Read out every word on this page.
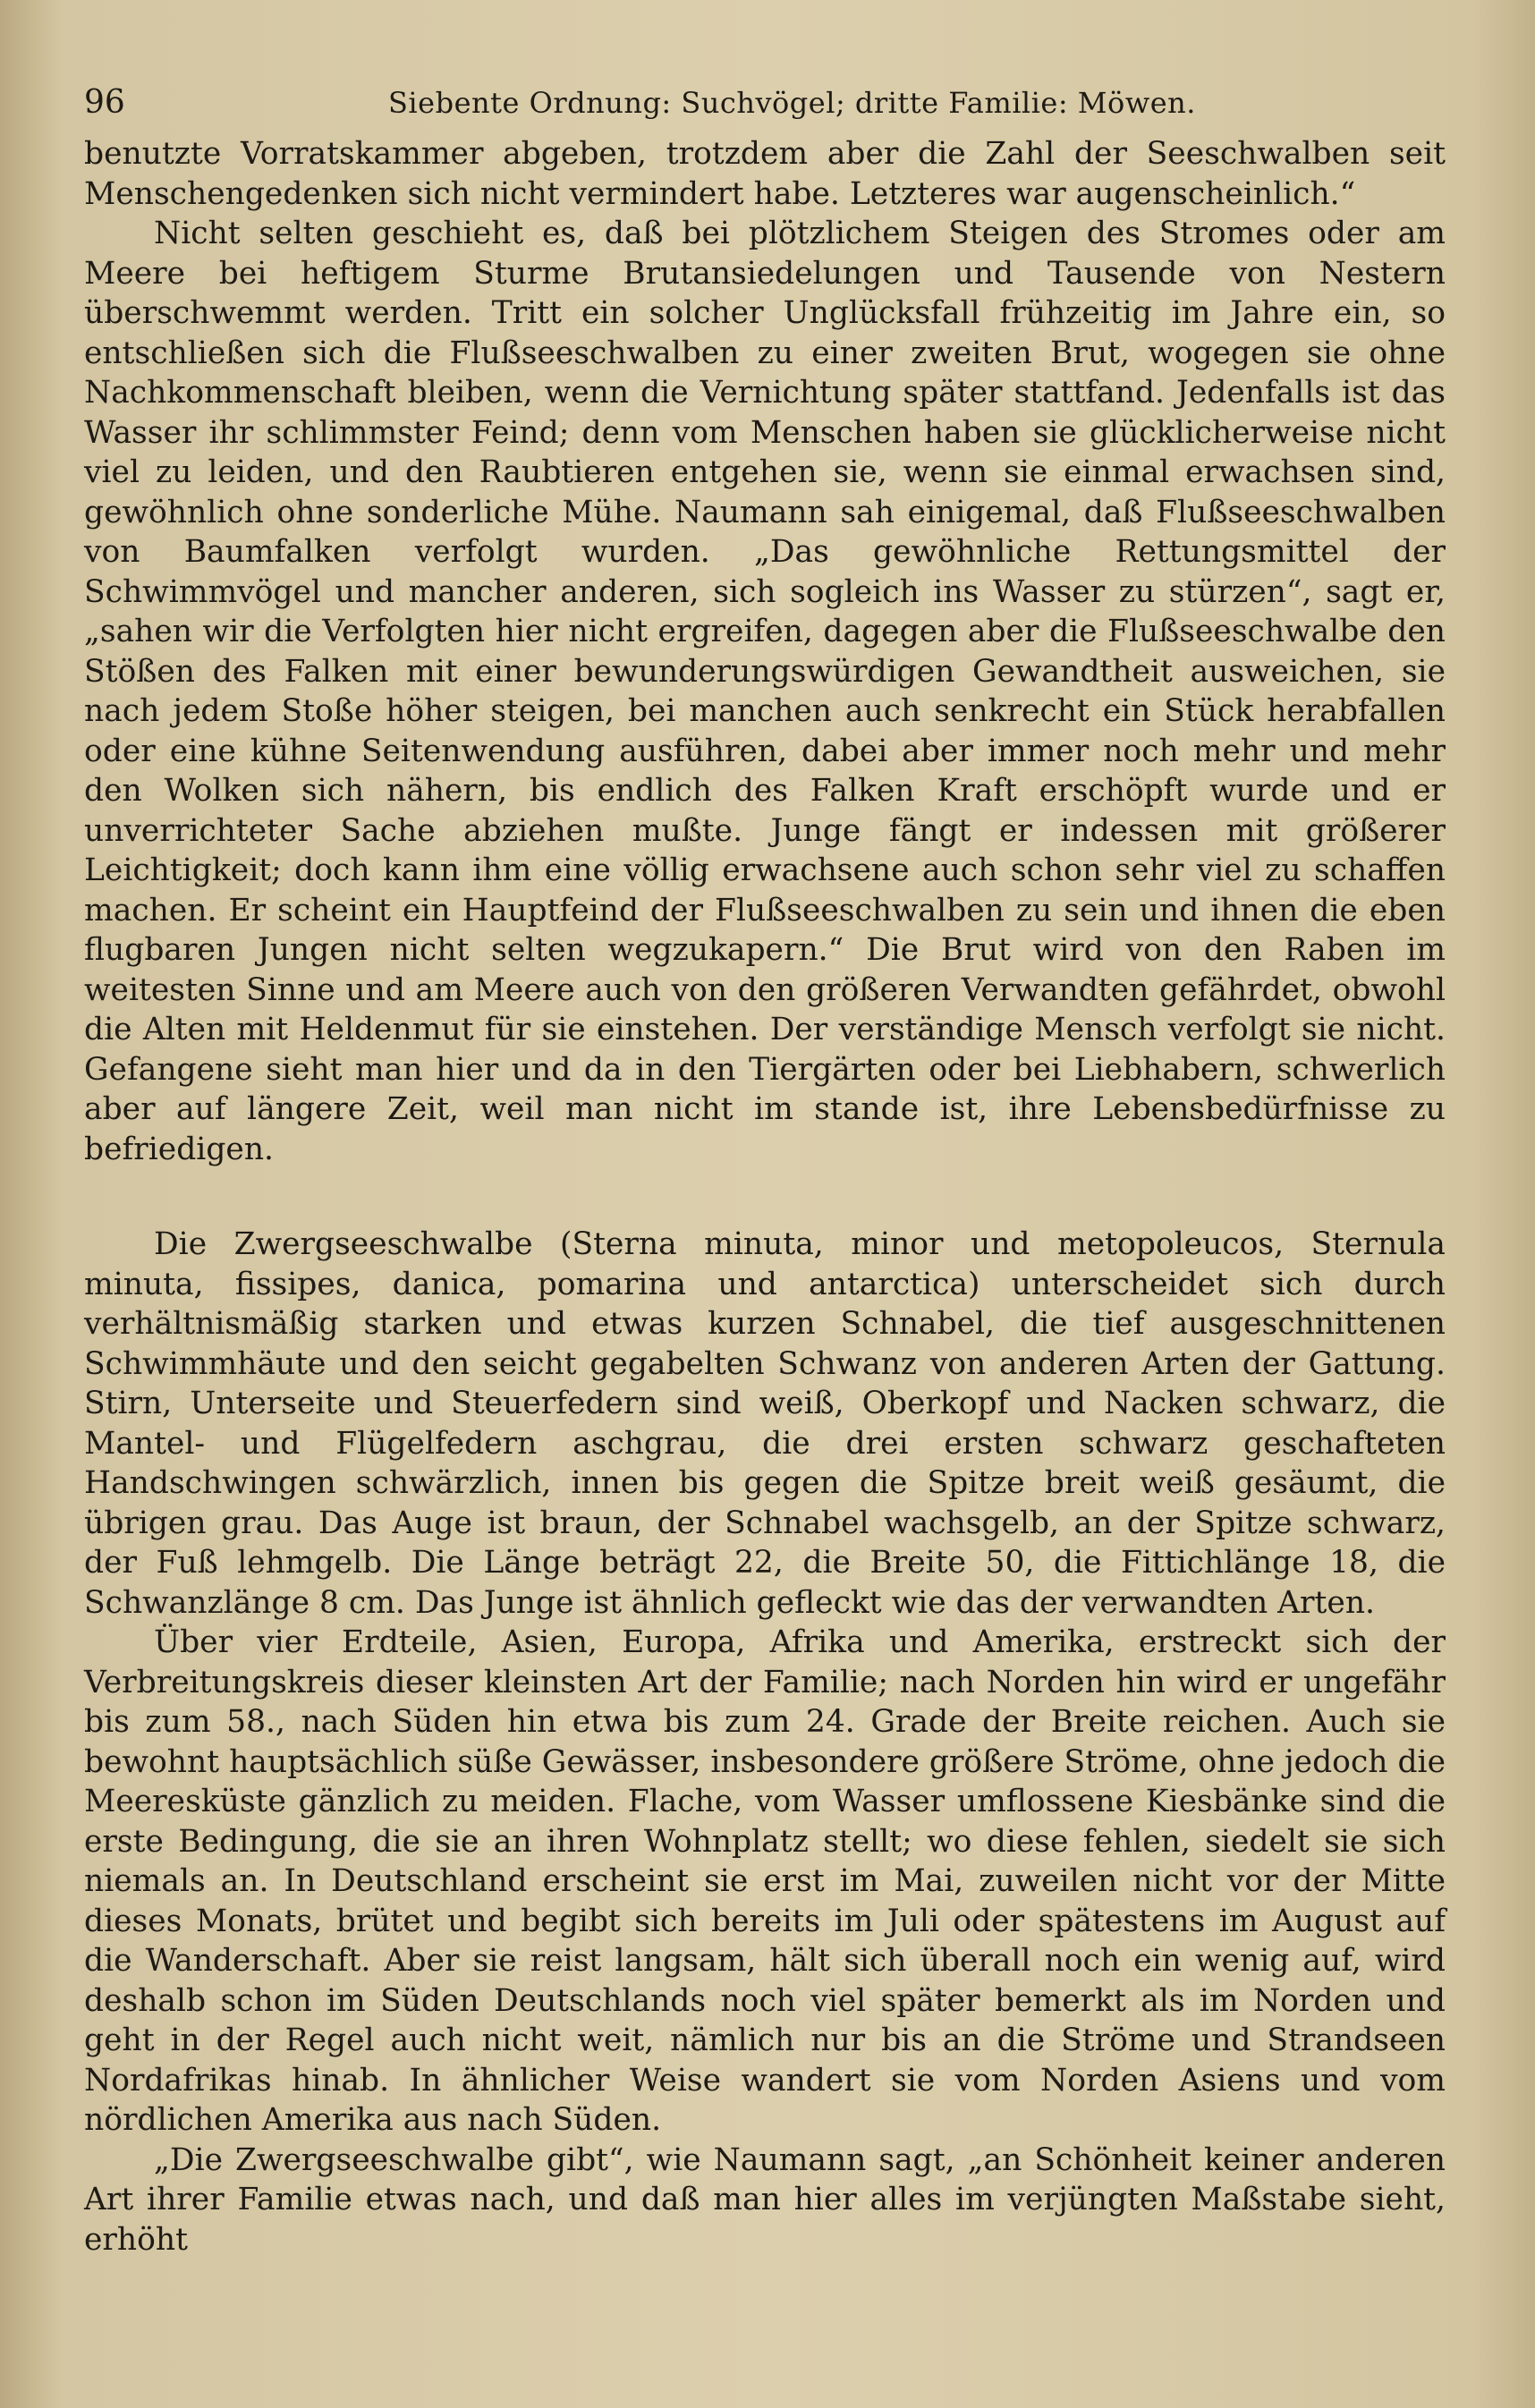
96	Siebente Ordnung: Suchvögel; dritte Familie: Möwen.

benutzte Vorratskammer abgeben, trotzdem aber die Zahl der Seeschwalben seit Menschengedenken sich nicht vermindert habe. Letzteres war augenscheinlich.“

Nicht selten geschieht es, daß bei plötzlichem Steigen des Stromes oder am Meere bei heftigem Sturme Brutansiedelungen und Tausende von Nestern überschwemmt werden. Tritt ein solcher Unglücksfall frühzeitig im Jahre ein, so entschließen sich die Flußseeschwalben zu einer zweiten Brut, wogegen sie ohne Nachkommenschaft bleiben, wenn die Vernichtung später stattfand. Jedenfalls ist das Wasser ihr schlimmster Feind; denn vom Menschen haben sie glücklicherweise nicht viel zu leiden, und den Raubtieren entgehen sie, wenn sie einmal erwachsen sind, gewöhnlich ohne sonderliche Mühe. Naumann sah einigemal, daß Flußseeschwalben von Baumfalken verfolgt wurden. „Das gewöhnliche Rettungsmittel der Schwimmvögel und mancher anderen, sich sogleich ins Wasser zu stürzen“, sagt er, „sahen wir die Verfolgten hier nicht ergreifen, dagegen aber die Flußseeschwalbe den Stößen des Falken mit einer bewunderungswürdigen Gewandtheit ausweichen, sie nach jedem Stoße höher steigen, bei manchen auch senkrecht ein Stück herabfallen oder eine kühne Seitenwendung ausführen, dabei aber immer noch mehr und mehr den Wolken sich nähern, bis endlich des Falken Kraft erschöpft wurde und er unverrichteter Sache abziehen mußte. Junge fängt er indessen mit größerer Leichtigkeit; doch kann ihm eine völlig erwachsene auch schon sehr viel zu schaffen machen. Er scheint ein Hauptfeind der Flußseeschwalben zu sein und ihnen die eben flugbaren Jungen nicht selten wegzukapern.“ Die Brut wird von den Raben im weitesten Sinne und am Meere auch von den größeren Verwandten gefährdet, obwohl die Alten mit Heldenmut für sie einstehen. Der verständige Mensch verfolgt sie nicht. Gefangene sieht man hier und da in den Tiergärten oder bei Liebhabern, schwerlich aber auf längere Zeit, weil man nicht im stande ist, ihre Lebensbedürfnisse zu befriedigen.

Die Zwergseeschwalbe (Sterna minuta, minor und metopoleucos, Sternula minuta, fissipes, danica, pomarina und antarctica) unterscheidet sich durch verhältnismäßig starken und etwas kurzen Schnabel, die tief ausgeschnittenen Schwimmhäute und den seicht gegabelten Schwanz von anderen Arten der Gattung. Stirn, Unterseite und Steuerfedern sind weiß, Oberkopf und Nacken schwarz, die Mantel- und Flügelfedern aschgrau, die drei ersten schwarz geschafteten Handschwingen schwärzlich, innen bis gegen die Spitze breit weiß gesäumt, die übrigen grau. Das Auge ist braun, der Schnabel wachsgelb, an der Spitze schwarz, der Fuß lehmgelb. Die Länge beträgt 22, die Breite 50, die Fittichlänge 18, die Schwanzlänge 8 cm. Das Junge ist ähnlich gefleckt wie das der verwandten Arten.

Über vier Erdteile, Asien, Europa, Afrika und Amerika, erstreckt sich der Verbreitungskreis dieser kleinsten Art der Familie; nach Norden hin wird er ungefähr bis zum 58., nach Süden hin etwa bis zum 24. Grade der Breite reichen. Auch sie bewohnt hauptsächlich süße Gewässer, insbesondere größere Ströme, ohne jedoch die Meeresküste gänzlich zu meiden. Flache, vom Wasser umflossene Kiesbänke sind die erste Bedingung, die sie an ihren Wohnplatz stellt; wo diese fehlen, siedelt sie sich niemals an. In Deutschland erscheint sie erst im Mai, zuweilen nicht vor der Mitte dieses Monats, brütet und begibt sich bereits im Juli oder spätestens im August auf die Wanderschaft. Aber sie reist langsam, hält sich überall noch ein wenig auf, wird deshalb schon im Süden Deutschlands noch viel später bemerkt als im Norden und geht in der Regel auch nicht weit, nämlich nur bis an die Ströme und Strandseen Nordafrikas hinab. In ähnlicher Weise wandert sie vom Norden Asiens und vom nördlichen Amerika aus nach Süden.

„Die Zwergseeschwalbe gibt“, wie Naumann sagt, „an Schönheit keiner anderen Art ihrer Familie etwas nach, und daß man hier alles im verjüngten Maßstabe sieht, erhöht
